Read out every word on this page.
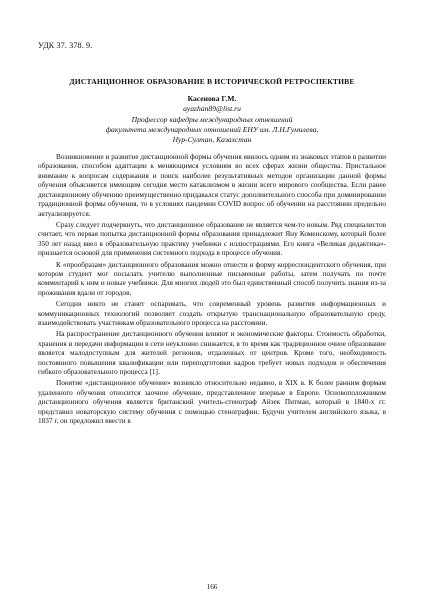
УДК 37. 378. 9.
ДИСТАНЦИОННОЕ ОБРАЗОВАНИЕ В ИСТОРИЧЕСКОЙ РЕТРОСПЕКТИВЕ
Касенова Г.М.
ayazhan89@list.ru
Профессор кафедры международных отношений
факультета международных отношений ЕНУ им. Л.Н.Гумилева,
Нур-Султан, Казахстан

Возникновение и развитие дистанционной формы обучения явилось одним из знаковых этапов в развитии образования, способом адаптации к меняющимся условиям во всех сферах жизни общества. Пристальное внимание к вопросам содержания и поиск наиболее результативных методов организации данной формы обучения объясняется имеющим сегодня место катаклизмом в жизни всего мирового сообщества. Если ранее дистанционному обучению преимущественно придавался статус дополнительного способа при доминировании традиционной формы обучения, то в условиях пандемии COVID вопрос об обучении на расстоянии предельно актуализируется.

Сразу следует подчеркнуть, что дистанционное образование не является чем-то новым. Ряд специалистов считает, что первая попытка дистанционной формы образования принадлежит Яну Коменскому, который более 350 лет назад ввел в образовательную практику учебники с иллюстрациями. Его книга «Великая дидактика»-признается основой для применения системного подхода в процессе обучения.

К «прообразам» дистанционного образования можно отнести и форму корреспондентского обучения, при котором студент мог посылать учителю выполненные письменные работы, затем получать по почте комментарий к ним и новые учебники. Для многих людей это был единственный способ получить знания из-за проживания вдали от городов.

Сегодня никто не станет оспаривать, что современный уровень развития информационных и коммуникационных технологий позволяет создать открытую транснациональную образовательную среду, взаимодействовать участникам образовательного процесса на расстоянии.

На распространение дистанционного обучения влияют и экономические факторы. Стоимость обработки, хранения и передачи информации в сети неуклонно снижается, в то время как традиционное очное образование является малодоступным для жителей регионов, отдаленных от центров. Кроме того, необходимость постоянного повышения квалификации или переподготовки кадров требует новых подходов и обеспечения гибкого образовательного процесса [1].

Понятие «дистанционное обучение» возникло относительно недавно, в XIX в. К более ранним формам удаленного обучения относится заочное обучение, представленное впервые в Европе. Основоположником дистанционного обучения является британский учитель-стенограф Айзек Питман, который в 1840-х гг. представил новаторскую систему обучения с помощью стенографии. Будучи учителем английского языка, в 1837 г. он предложил ввести в

166
